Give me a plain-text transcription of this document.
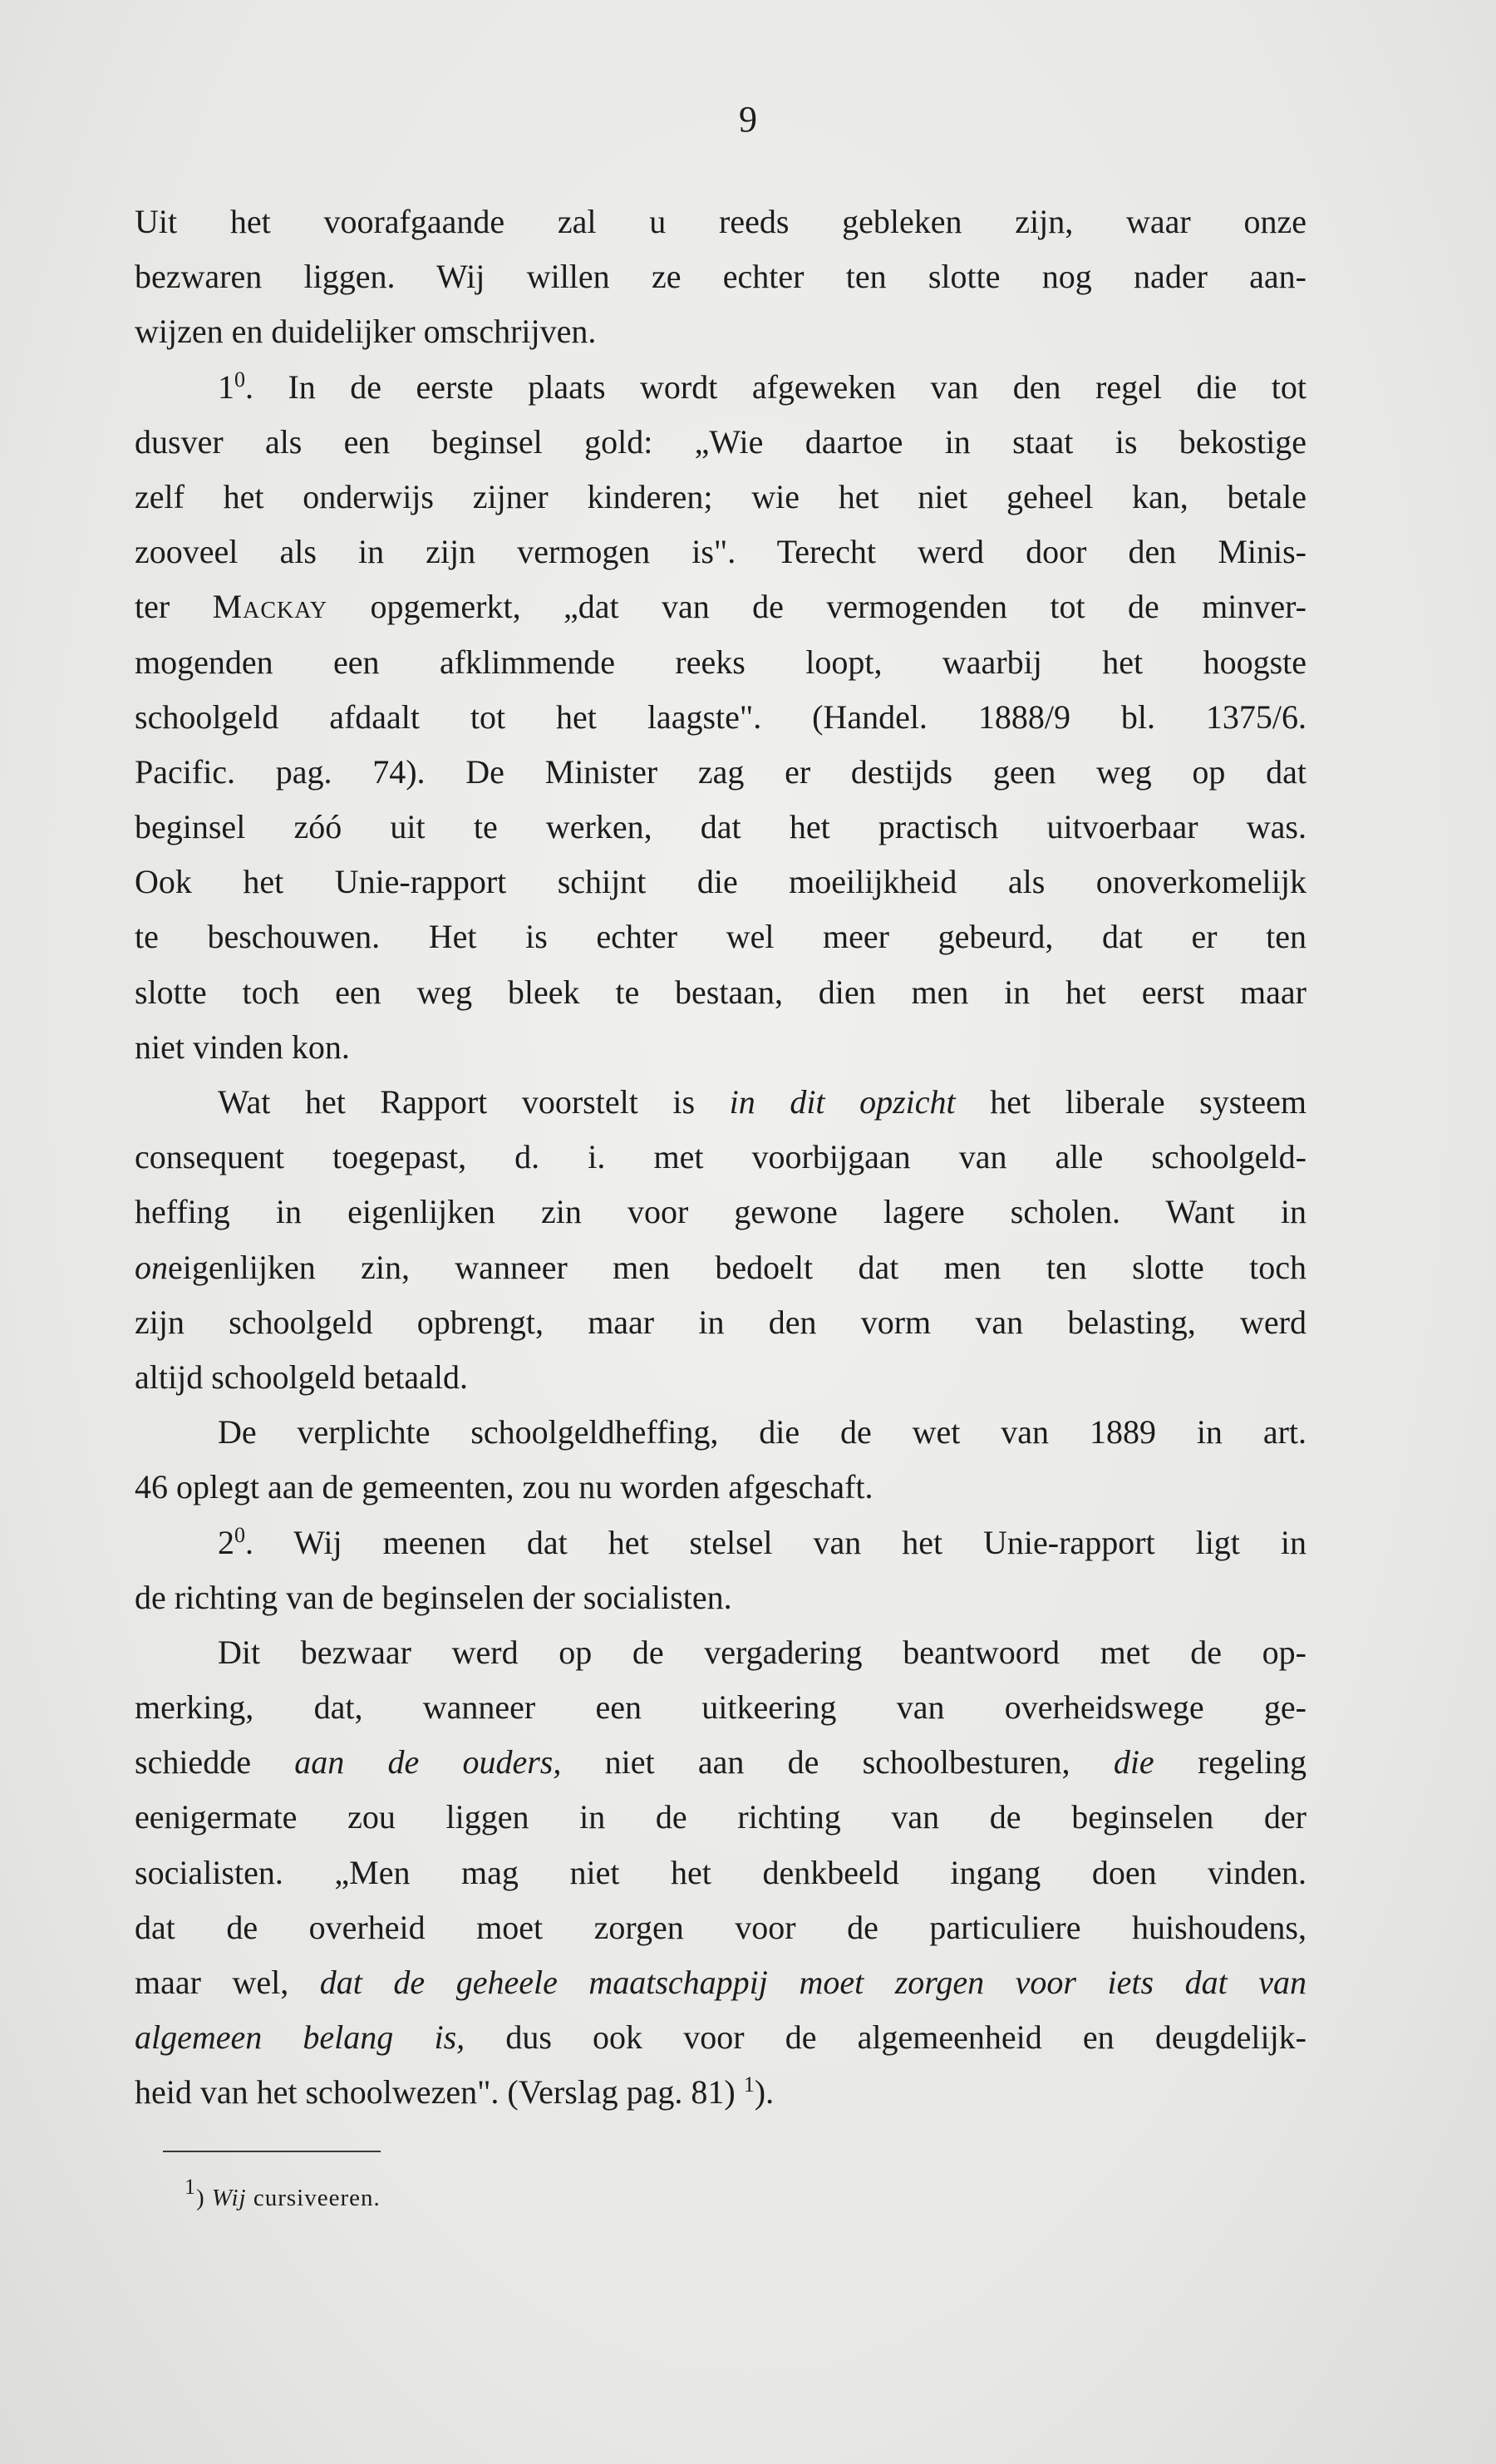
9
Uit het voorafgaande zal u reeds gebleken zijn, waar onze
bezwaren liggen. Wij willen ze echter ten slotte nog nader aan-
wijzen en duidelijker omschrijven.
$1^0$. In de eerste plaats wordt afgeweken van den regel die tot
dusver als een beginsel gold: „Wie daartoe in staat is bekostige
zelf het onderwijs zijner kinderen; wie het niet geheel kan, betale
zooveel als in zijn vermogen is". Terecht werd door den Minis-
ter Mackay opgemerkt, „dat van de vermogenden tot de minver-
mogenden een afklimmende reeks loopt, waarbij het hoogste
schoolgeld afdaalt tot het laagste". (Handel. 1888/9 bl. 1375/6.
Pacific. pag. 74). De Minister zag er destijds geen weg op dat
beginsel zóó uit te werken, dat het practisch uitvoerbaar was.
Ook het Unie-rapport schijnt die moeilijkheid als onoverkomelijk
te beschouwen. Het is echter wel meer gebeurd, dat er ten
slotte toch een weg bleek te bestaan, dien men in het eerst maar
niet vinden kon.
Wat het Rapport voorstelt is in dit opzicht het liberale systeem
consequent toegepast, d. i. met voorbijgaan van alle schoolgeld-
heffing in eigenlijken zin voor gewone lagere scholen. Want in
oneigenlijken zin, wanneer men bedoelt dat men ten slotte toch
zijn schoolgeld opbrengt, maar in den vorm van belasting, werd
altijd schoolgeld betaald.
De verplichte schoolgeldheffing, die de wet van 1889 in art.
46 oplegt aan de gemeenten, zou nu worden afgeschaft.
$2^0$. Wij meenen dat het stelsel van het Unie-rapport ligt in
de richting van de beginselen der socialisten.
Dit bezwaar werd op de vergadering beantwoord met de op-
merking, dat, wanneer een uitkeering van overheidswege ge-
schiedde aan de ouders, niet aan de schoolbesturen, die regeling
eenigermate zou liggen in de richting van de beginselen der
socialisten. „Men mag niet het denkbeeld ingang doen vinden.
dat de overheid moet zorgen voor de particuliere huishoudens,
maar wel, dat de geheele maatschappij moet zorgen voor iets dat van
algemeen belang is, dus ook voor de algemeenheid en deugdelijk-
heid van het schoolwezen". (Verslag pag. 81) $^1$).
$^1$) Wij cursiveeren.
